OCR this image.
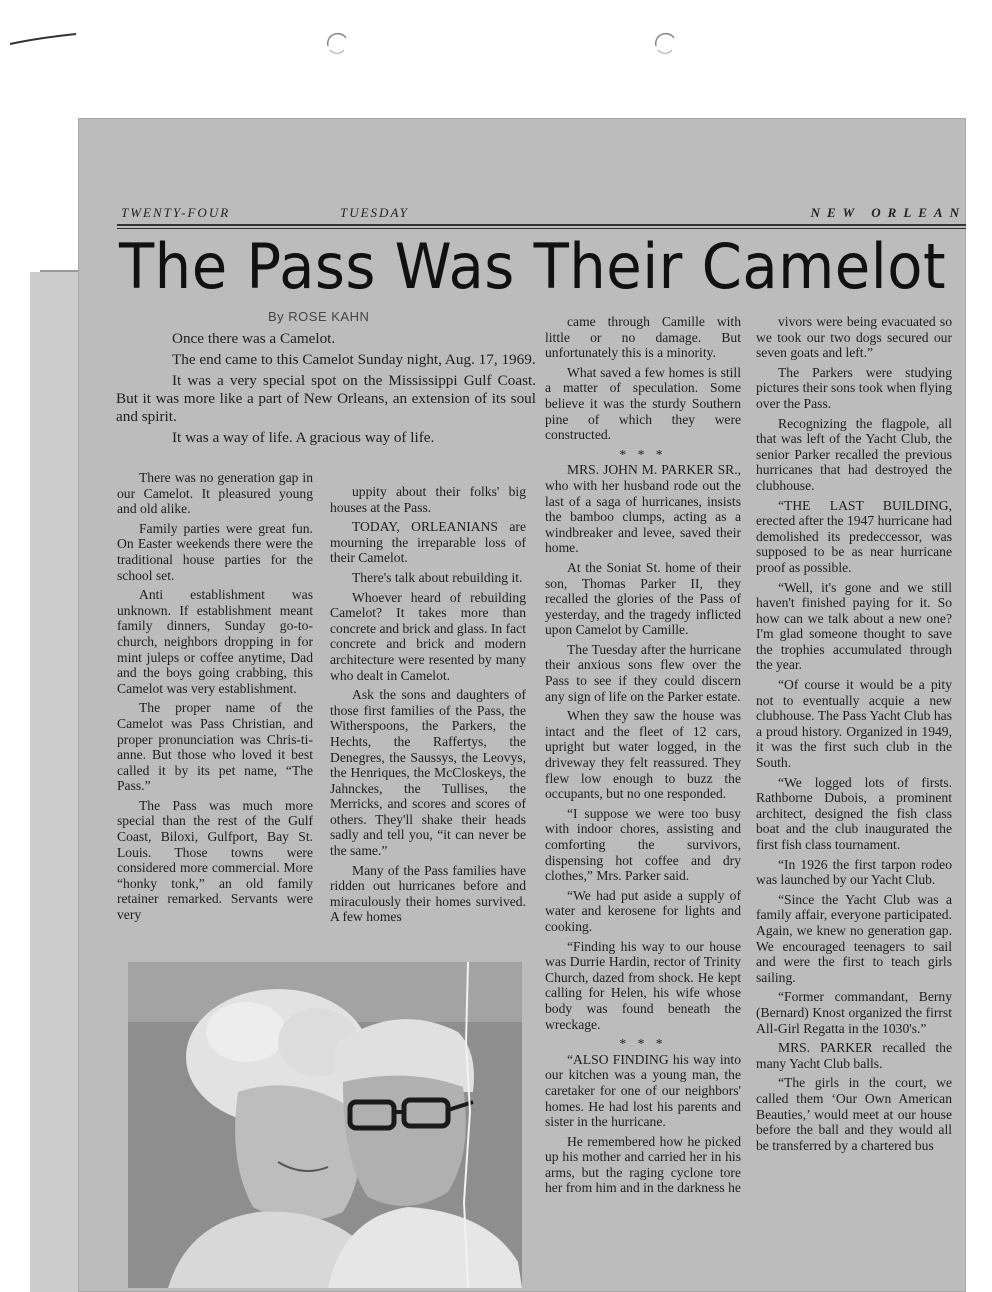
TWENTY-FOUR	TUESDAY	NEW ORLEAN
The Pass Was Their Camelot
By ROSE KAHN

Once there was a Camelot.

The end came to this Camelot Sunday night, Aug. 17, 1969.

It was a very special spot on the Mississippi Gulf Coast. But it was more like a part of New Orleans, an extension of its soul and spirit.

It was a way of life. A gracious way of life.

There was no generation gap in our Camelot. It pleasured young and old alike.

Family parties were great fun. On Easter weekends there were the traditional house parties for the school set.

Anti establishment was unknown. If establishment meant family dinners, Sunday go-to-church, neighbors dropping in for mint juleps or coffee anytime, Dad and the boys going crabbing, this Camelot was very establishment.

The proper name of the Camelot was Pass Christian, and proper pronunciation was Chris-ti-anne. But those who loved it best called it by its pet name, “The Pass.”

The Pass was much more special than the rest of the Gulf Coast, Biloxi, Gulfport, Bay St. Louis. Those towns were considered more commercial. More “honky tonk,” an old family retainer remarked. Servants were very

uppity about their folks' big houses at the Pass.

TODAY, ORLEANIANS are mourning the irreparable loss of their Camelot.

There's talk about rebuilding it.

Whoever heard of rebuilding Camelot? It takes more than concrete and brick and glass. In fact concrete and brick and modern architecture were resented by many who dealt in Camelot.

Ask the sons and daughters of those first families of the Pass, the Witherspoons, the Parkers, the Hechts, the Raffertys, the Denegres, the Saussys, the Leovys, the Henriques, the McCloskeys, the Jahnckes, the Tullises, the Merricks, and scores and scores of others. They'll shake their heads sadly and tell you, “it can never be the same.”

Many of the Pass families have ridden out hurricanes before and miraculously their homes survived. A few homes

came through Camille with little or no damage. But unfortunately this is a minority.

What saved a few homes is still a matter of speculation. Some believe it was the sturdy Southern pine of which they were constructed.

* * *

MRS. JOHN M. PARKER SR., who with her husband rode out the last of a saga of hurricanes, insists the bamboo clumps, acting as a windbreaker and levee, saved their home.

At the Soniat St. home of their son, Thomas Parker II, they recalled the glories of the Pass of yesterday, and the tragedy inflicted upon Camelot by Camille.

The Tuesday after the hurricane their anxious sons flew over the Pass to see if they could discern any sign of life on the Parker estate.

When they saw the house was intact and the fleet of 12 cars, upright but water logged, in the driveway they felt reassured. They flew low enough to buzz the occupants, but no one responded.

“I suppose we were too busy with indoor chores, assisting and comforting the survivors, dispensing hot coffee and dry clothes,” Mrs. Parker said.

“We had put aside a supply of water and kerosene for lights and cooking.

“Finding his way to our house was Durrie Hardin, rector of Trinity Church, dazed from shock. He kept calling for Helen, his wife whose body was found beneath the wreckage.

* * *

“ALSO FINDING his way into our kitchen was a young man, the caretaker for one of our neighbors' homes. He had lost his parents and sister in the hurricane.

He remembered how he picked up his mother and carried her in his arms, but the raging cyclone tore her from him and in the darkness he

vivors were being evacuated so we took our two dogs secured our seven goats and left.”

The Parkers were studying pictures their sons took when flying over the Pass.

Recognizing the flagpole, all that was left of the Yacht Club, the senior Parker recalled the previous hurricanes that had destroyed the clubhouse.

“THE LAST BUILDING, erected after the 1947 hurricane had demolished its predeccessor, was supposed to be as near hurricane proof as possible.

“Well, it's gone and we still haven't finished paying for it. So how can we talk about a new one? I'm glad someone thought to save the trophies accumulated through the year.

“Of course it would be a pity not to eventually acquie a new clubhouse. The Pass Yacht Club has a proud history. Organized in 1949, it was the first such club in the South.

“We logged lots of firsts. Rathborne Dubois, a prominent architect, designed the fish class boat and the club inaugurated the first fish class tournament.

“In 1926 the first tarpon rodeo was launched by our Yacht Club.

“Since the Yacht Club was a family affair, everyone participated. Again, we knew no generation gap. We encouraged teenagers to sail and were the first to teach girls sailing.

“Former commandant, Berny (Bernard) Knost organized the firrst All-Girl Regatta in the 1030's.”

MRS. PARKER recalled the many Yacht Club balls.

“The girls in the court, we called them ‘Our Own American Beauties,’ would meet at our house before the ball and they would all be transferred by a chartered bus
